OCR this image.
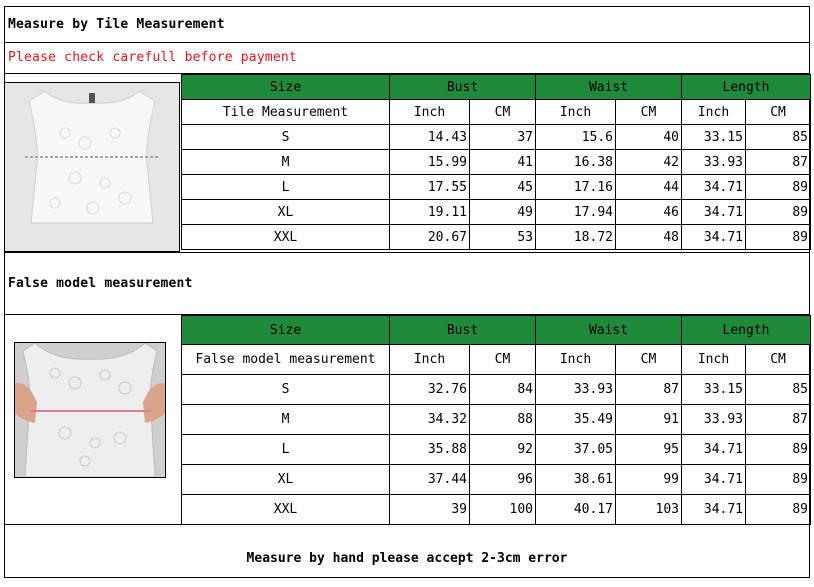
Measure by Tile Measurement
Please check carefull before payment
Size	Bust		Waist		Length	
Tile Measurement	Inch	CM	Inch	CM	Inch	CM
S	14.43	37	15.6	40	33.15	85
M	15.99	41	16.38	42	33.93	87
L	17.55	45	17.16	44	34.71	89
XL	19.11	49	17.94	46	34.71	89
XXL	20.67	53	18.72	48	34.71	89
False model measurement
Size	Bust		Waist		Length	
False model measurement	Inch	CM	Inch	CM	Inch	CM
S	32.76	84	33.93	87	33.15	85
M	34.32	88	35.49	91	33.93	87
L	35.88	92	37.05	95	34.71	89
XL	37.44	96	38.61	99	34.71	89
XXL	39	100	40.17	103	34.71	89
Measure by hand please accept 2-3cm error
